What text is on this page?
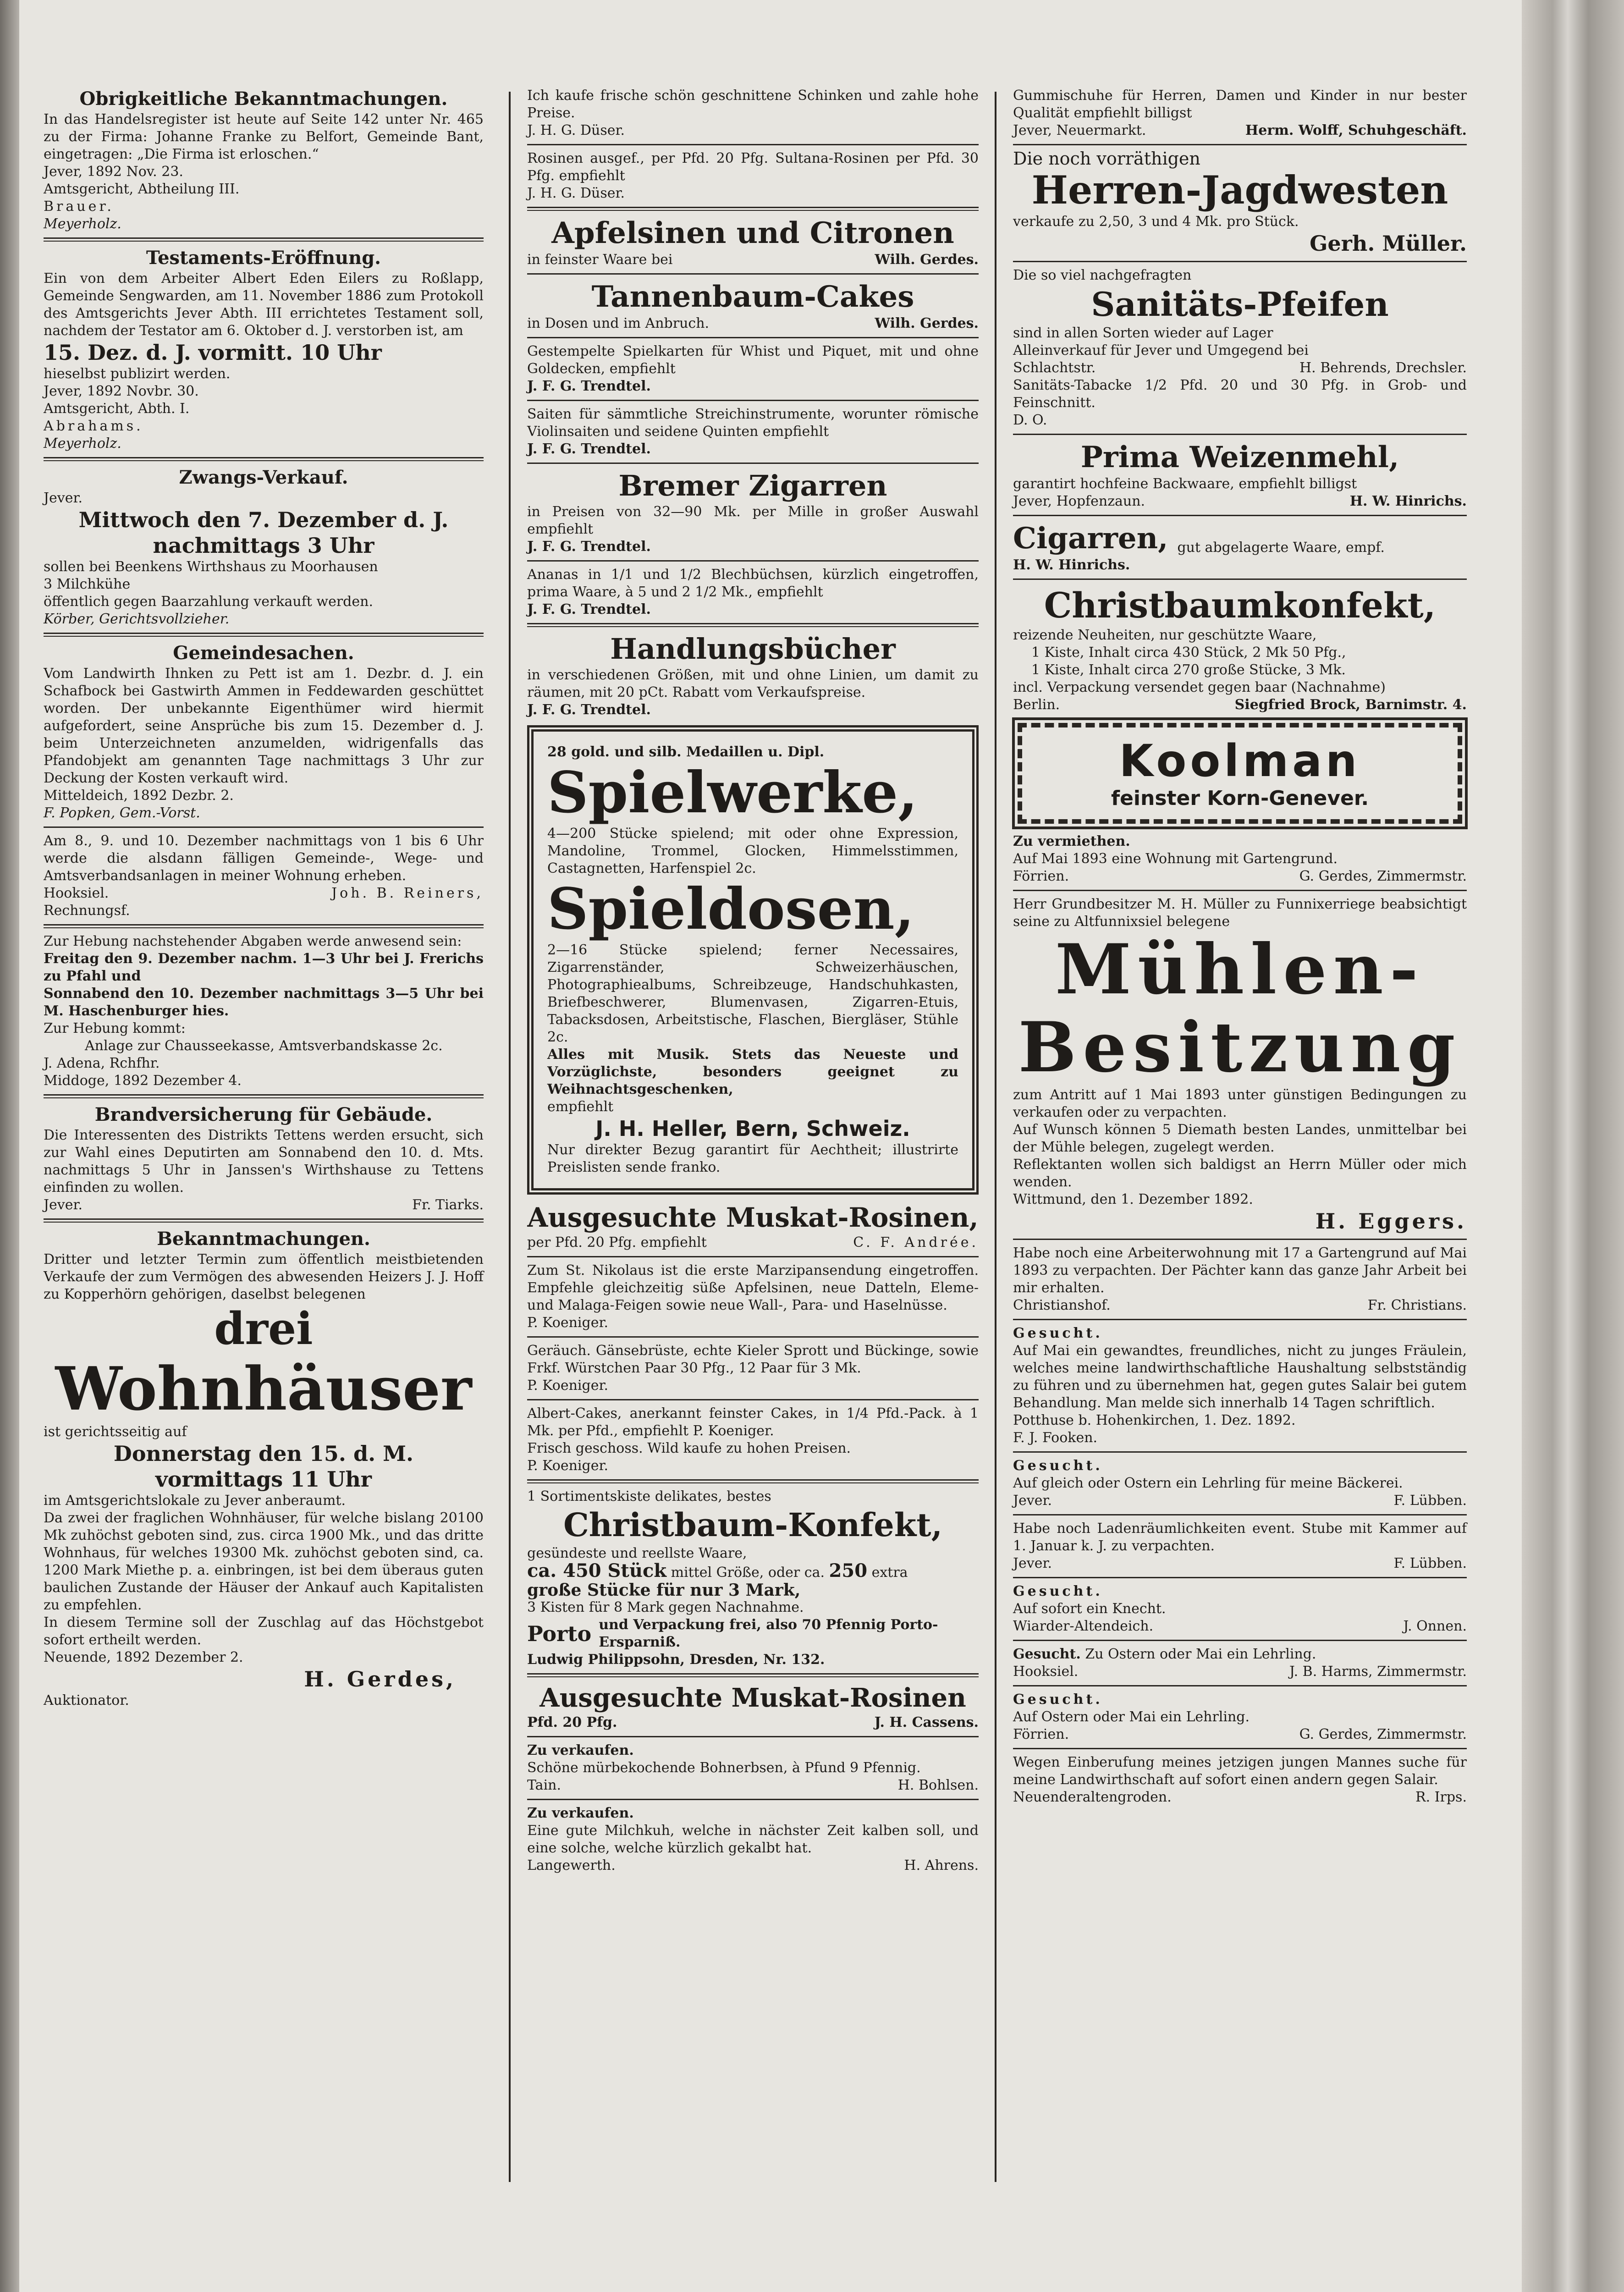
Obrigkeitliche Bekanntmachungen.

In das Handelsregister ist heute auf Seite 142 unter Nr. 465 zu der Firma: Johanne Franke zu Belfort, Gemeinde Bant, eingetragen: „Die Firma ist erloschen.“

Jever, 1892 Nov. 23.

Amtsgericht, Abtheilung III.

Brauer.

Meyerholz.

Testaments-Eröffnung.

Ein von dem Arbeiter Albert Eden Eilers zu Roßlapp, Gemeinde Sengwarden, am 11. November 1886 zum Protokoll des Amtsgerichts Jever Abth. III errichtetes Testament soll, nachdem der Testator am 6. Oktober d. J. verstorben ist, am

15. Dez. d. J. vormitt. 10 Uhr

hieselbst publizirt werden.

Jever, 1892 Novbr. 30.

Amtsgericht, Abth. I.

Abrahams.

Meyerholz.

Zwangs-Verkauf.

Jever.

Mittwoch den 7. Dezember d. J.
nachmittags 3 Uhr

sollen bei Beenkens Wirthshaus zu Moorhausen

3 Milchkühe

öffentlich gegen Baarzahlung verkauft werden.

Körber, Gerichtsvollzieher.

Gemeindesachen.

Vom Landwirth Ihnken zu Pett ist am 1. Dezbr. d. J. ein Schafbock bei Gastwirth Ammen in Feddewarden geschüttet worden. Der unbekannte Eigenthümer wird hiermit aufgefordert, seine Ansprüche bis zum 15. Dezember d. J. beim Unterzeichneten anzumelden, widrigenfalls das Pfandobjekt am genannten Tage nachmittags 3 Uhr zur Deckung der Kosten verkauft wird.

Mitteldeich, 1892 Dezbr. 2.

F. Popken, Gem.-Vorst.

Am 8., 9. und 10. Dezember nachmittags von 1 bis 6 Uhr werde die alsdann fälligen Gemeinde-, Wege- und Amtsverbandsanlagen in meiner Wohnung erheben.

Hooksiel.	Joh. B. Reiners,

Rechnungsf.

Zur Hebung nachstehender Abgaben werde anwesend sein:

Freitag den 9. Dezember nachm. 1—3 Uhr bei J. Frerichs zu Pfahl und

Sonnabend den 10. Dezember nachmittags 3—5 Uhr bei M. Haschenburger hies.

Zur Hebung kommt:

Anlage zur Chausseekasse, Amtsverbandskasse 2c.

J. Adena, Rchfhr.

Middoge, 1892 Dezember 4.

Brandversicherung für Gebäude.

Die Interessenten des Distrikts Tettens werden ersucht, sich zur Wahl eines Deputirten am Sonnabend den 10. d. Mts. nachmittags 5 Uhr in Janssen's Wirthshause zu Tettens einfinden zu wollen.

Jever.	Fr. Tiarks.
Bekanntmachungen.

Dritter und letzter Termin zum öffentlich meistbietenden Verkaufe der zum Vermögen des abwesenden Heizers J. J. Hoff zu Kopperhörn gehörigen, daselbst belegenen

drei
Wohnhäuser

ist gerichtsseitig auf

Donnerstag den 15. d. M.
vormittags 11 Uhr

im Amtsgerichtslokale zu Jever anberaumt.

Da zwei der fraglichen Wohnhäuser, für welche bislang 20100 Mk zuhöchst geboten sind, zus. circa 1900 Mk., und das dritte Wohnhaus, für welches 19300 Mk. zuhöchst geboten sind, ca. 1200 Mark Miethe p. a. einbringen, ist bei dem überaus guten baulichen Zustande der Häuser der Ankauf auch Kapitalisten zu empfehlen.

In diesem Termine soll der Zuschlag auf das Höchstgebot sofort ertheilt werden.

Neuende, 1892 Dezember 2.

H. Gerdes,

Auktionator.

Ich kaufe frische schön geschnittene Schinken und zahle hohe Preise.

J. H. G. Düser.

Rosinen ausgef., per Pfd. 20 Pfg. Sultana-Rosinen per Pfd. 30 Pfg. empfiehlt

J. H. G. Düser.

Apfelsinen und Citronen
in feinster Waare bei	Wilh. Gerdes.
Tannenbaum-Cakes
in Dosen und im Anbruch.	Wilh. Gerdes.

Gestempelte Spielkarten für Whist und Piquet, mit und ohne Goldecken, empfiehlt

J. F. G. Trendtel.

Saiten für sämmtliche Streichinstrumente, worunter römische Violinsaiten und seidene Quinten empfiehlt

J. F. G. Trendtel.

Bremer Zigarren

in Preisen von 32—90 Mk. per Mille in großer Auswahl empfiehlt

J. F. G. Trendtel.

Ananas in 1/1 und 1/2 Blechbüchsen, kürzlich eingetroffen, prima Waare, à 5 und 2 1/2 Mk., empfiehlt

J. F. G. Trendtel.

Handlungsbücher

in verschiedenen Größen, mit und ohne Linien, um damit zu räumen, mit 20 pCt. Rabatt vom Verkaufspreise.

J. F. G. Trendtel.

28 gold. und silb. Medaillen u. Dipl.

Spielwerke,

4—200 Stücke spielend; mit oder ohne Expression, Mandoline, Trommel, Glocken, Himmelsstimmen, Castagnetten, Harfenspiel 2c.

Spieldosen,

2—16 Stücke spielend; ferner Necessaires, Zigarrenständer, Schweizerhäuschen, Photographiealbums, Schreibzeuge, Handschuhkasten, Briefbeschwerer, Blumenvasen, Zigarren-Etuis, Tabacksdosen, Arbeitstische, Flaschen, Biergläser, Stühle 2c.

Alles mit Musik. Stets das Neueste und Vorzüglichste, besonders geeignet zu Weihnachtsgeschenken,

empfiehlt

J. H. Heller, Bern, Schweiz.

Nur direkter Bezug garantirt für Aechtheit; illustrirte Preislisten sende franko.

Ausgesuchte Muskat-Rosinen,
per Pfd. 20 Pfg. empfiehlt	C. F. Andrée.

Zum St. Nikolaus ist die erste Marzipansendung eingetroffen. Empfehle gleichzeitig süße Apfelsinen, neue Datteln, Eleme- und Malaga-Feigen sowie neue Wall-, Para- und Haselnüsse.

P. Koeniger.

Geräuch. Gänsebrüste, echte Kieler Sprott und Bückinge, sowie Frkf. Würstchen Paar 30 Pfg., 12 Paar für 3 Mk.

P. Koeniger.

Albert-Cakes, anerkannt feinster Cakes, in 1/4 Pfd.-Pack. à 1 Mk. per Pfd., empfiehlt P. Koeniger.

Frisch geschoss. Wild kaufe zu hohen Preisen.

P. Koeniger.

1 Sortimentskiste delikates, bestes

Christbaum-Konfekt,

gesündeste und reellste Waare,

ca. 450 Stück mittel Größe, oder ca. 250 extra

große Stücke für nur 3 Mark,

3 Kisten für 8 Mark gegen Nachnahme.

Porto und Verpackung frei, also 70 Pfennig Porto-Ersparniß.

Ludwig Philippsohn, Dresden, Nr. 132.

Ausgesuchte Muskat-Rosinen
Pfd. 20 Pfg.	J. H. Cassens.

Zu verkaufen.

Schöne mürbekochende Bohnerbsen, à Pfund 9 Pfennig.

Tain.	H. Bohlsen.

Zu verkaufen.

Eine gute Milchkuh, welche in nächster Zeit kalben soll, und eine solche, welche kürzlich gekalbt hat.

Langewerth.	H. Ahrens.

Gummischuhe für Herren, Damen und Kinder in nur bester Qualität empfiehlt billigst

Jever, Neuermarkt.	Herm. Wolff, Schuhgeschäft.

Die noch vorräthigen

Herren-Jagdwesten

verkaufe zu 2,50, 3 und 4 Mk. pro Stück.

Gerh. Müller.

Die so viel nachgefragten

Sanitäts-Pfeifen

sind in allen Sorten wieder auf Lager

Alleinverkauf für Jever und Umgegend bei

Schlachtstr.	H. Behrends, Drechsler.

Sanitäts-Tabacke 1/2 Pfd. 20 und 30 Pfg. in Grob- und Feinschnitt.

D. O.

Prima Weizenmehl,

garantirt hochfeine Backwaare, empfiehlt billigst

Jever, Hopfenzaun.	H. W. Hinrichs.
Cigarren, gut abgelagerte Waare, empf.

H. W. Hinrichs.

Christbaumkonfekt,

reizende Neuheiten, nur geschützte Waare,

1 Kiste, Inhalt circa 430 Stück, 2 Mk 50 Pfg.,

1 Kiste, Inhalt circa 270 große Stücke, 3 Mk.

incl. Verpackung versendet gegen baar (Nachnahme)

Berlin.	Siegfried Brock, Barnimstr. 4.
Koolman
feinster Korn-Genever.

Zu vermiethen.

Auf Mai 1893 eine Wohnung mit Gartengrund.

Förrien.	G. Gerdes, Zimmermstr.

Herr Grundbesitzer M. H. Müller zu Funnixerriege beabsichtigt seine zu Altfunnixsiel belegene

Mühlen-
Besitzung

zum Antritt auf 1 Mai 1893 unter günstigen Bedingungen zu verkaufen oder zu verpachten.

Auf Wunsch können 5 Diemath besten Landes, unmittelbar bei der Mühle belegen, zugelegt werden.

Reflektanten wollen sich baldigst an Herrn Müller oder mich wenden.

Wittmund, den 1. Dezember 1892.

H. Eggers.

Habe noch eine Arbeiterwohnung mit 17 a Gartengrund auf Mai 1893 zu verpachten. Der Pächter kann das ganze Jahr Arbeit bei mir erhalten.

Christianshof.	Fr. Christians.

Gesucht.

Auf Mai ein gewandtes, freundliches, nicht zu junges Fräulein, welches meine landwirthschaftliche Haushaltung selbstständig zu führen und zu übernehmen hat, gegen gutes Salair bei gutem Behandlung. Man melde sich innerhalb 14 Tagen schriftlich.

Potthuse b. Hohenkirchen, 1. Dez. 1892.

F. J. Fooken.

Gesucht.

Auf gleich oder Ostern ein Lehrling für meine Bäckerei.

Jever.	F. Lübben.

Habe noch Ladenräumlichkeiten event. Stube mit Kammer auf 1. Januar k. J. zu verpachten.

Jever.	F. Lübben.

Gesucht.

Auf sofort ein Knecht.

Wiarder-Altendeich.	J. Onnen.

Gesucht. Zu Ostern oder Mai ein Lehrling.

Hooksiel.	J. B. Harms, Zimmermstr.

Gesucht.

Auf Ostern oder Mai ein Lehrling.

Förrien.	G. Gerdes, Zimmermstr.

Wegen Einberufung meines jetzigen jungen Mannes suche für meine Landwirthschaft auf sofort einen andern gegen Salair.

Neuenderaltengroden.	R. Irps.
